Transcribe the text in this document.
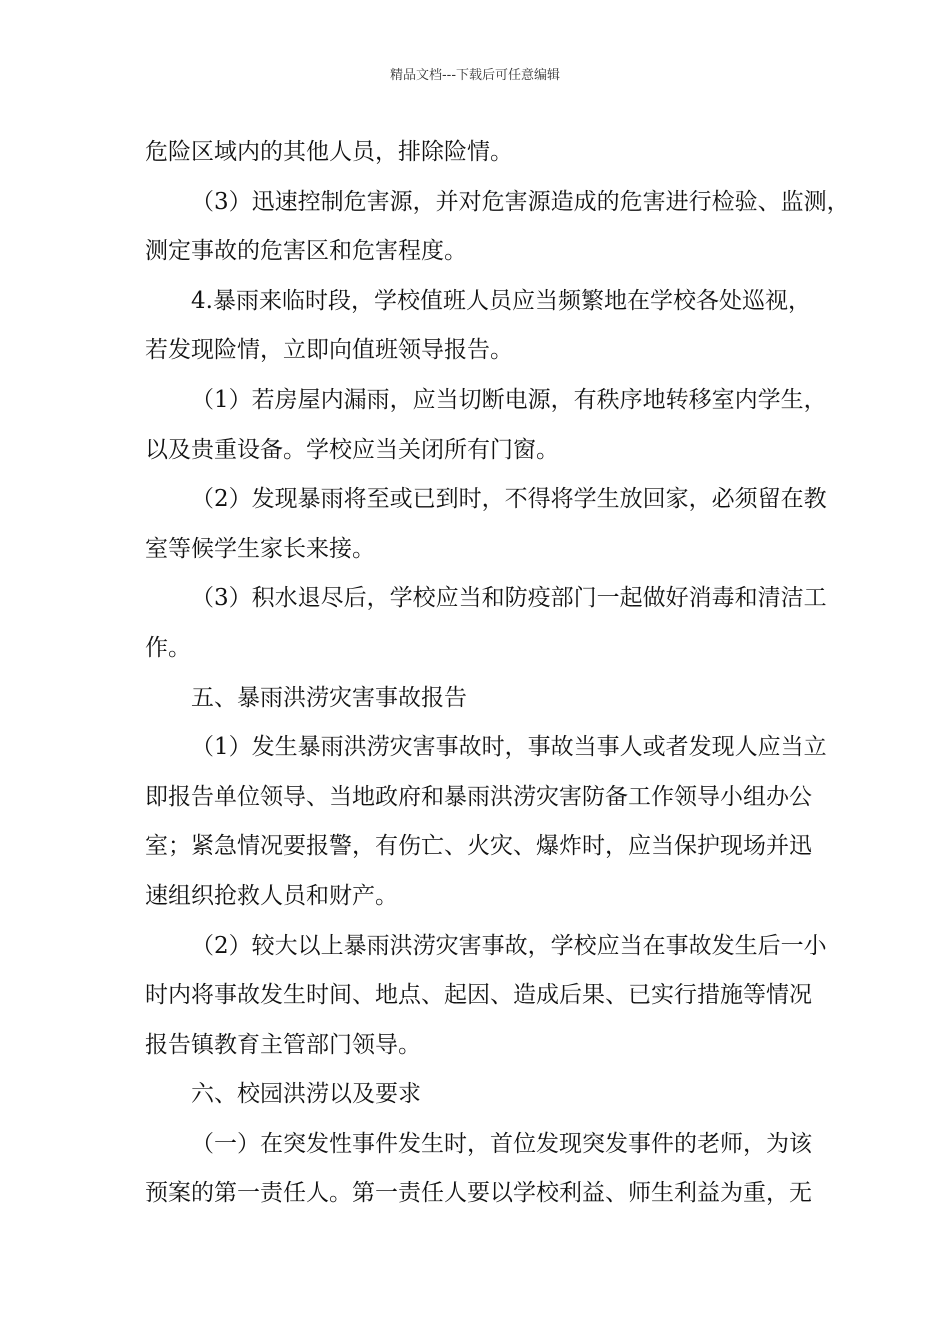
精品文档---下载后可任意编辑
危险区域内的其他人员，排除险情。
（3）迅速控制危害源，并对危害源造成的危害进行检验、监测，
测定事故的危害区和危害程度。
4.暴雨来临时段，学校值班人员应当频繁地在学校各处巡视，
若发现险情，立即向值班领导报告。
（1）若房屋内漏雨，应当切断电源，有秩序地转移室内学生，
以及贵重设备。学校应当关闭所有门窗。
（2）发现暴雨将至或已到时，不得将学生放回家，必须留在教
室等候学生家长来接。
（3）积水退尽后，学校应当和防疫部门一起做好消毒和清洁工
作。
五、暴雨洪涝灾害事故报告
（1）发生暴雨洪涝灾害事故时，事故当事人或者发现人应当立
即报告单位领导、当地政府和暴雨洪涝灾害防备工作领导小组办公
室；紧急情况要报警，有伤亡、火灾、爆炸时，应当保护现场并迅
速组织抢救人员和财产。
（2）较大以上暴雨洪涝灾害事故，学校应当在事故发生后一小
时内将事故发生时间、地点、起因、造成后果、已实行措施等情况
报告镇教育主管部门领导。
六、校园洪涝以及要求
（一）在突发性事件发生时，首位发现突发事件的老师，为该
预案的第一责任人。第一责任人要以学校利益、师生利益为重，无
